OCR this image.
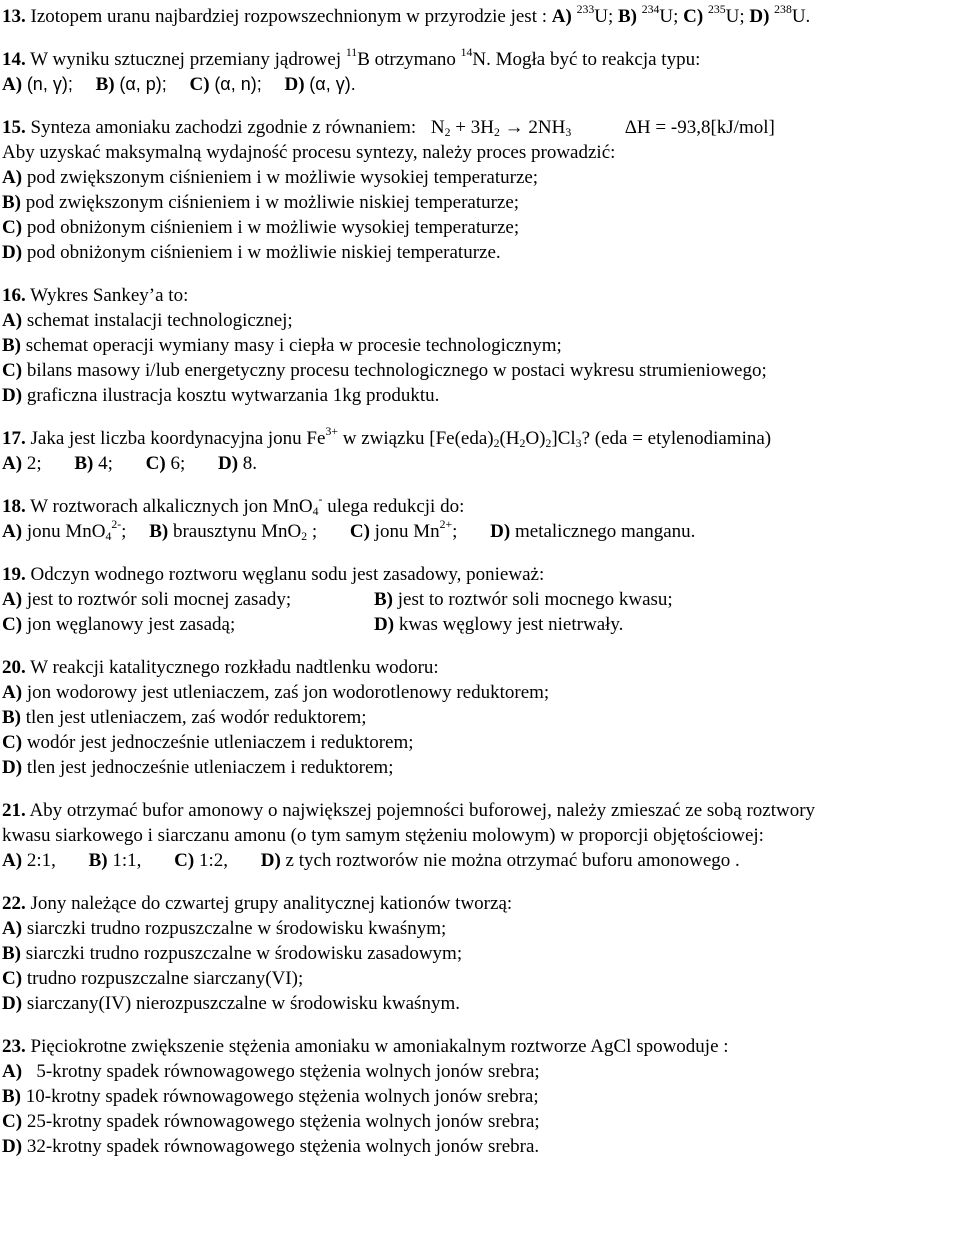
13. Izotopem uranu najbardziej rozpowszechnionym w przyrodzie jest : A) $^{233}$U; B) $^{234}$U; C) $^{235}$U; D) $^{238}$U.
14. W wyniku sztucznej przemiany jądrowej $^{11}$B otrzymano $^{14}$N. Mogła być to reakcja typu:
A) (n, γ); B) (α, p); C) (α, n); D) (α, γ).
15. Synteza amoniaku zachodzi zgodnie z równaniem: $N_2 + 3H_2 \to 2NH_3$	ΔH = -93,8[kJ/mol]
Aby uzyskać maksymalną wydajność procesu syntezy, należy proces prowadzić:
A) pod zwiększonym ciśnieniem i w możliwie wysokiej temperaturze;
B) pod zwiększonym ciśnieniem i w możliwie niskiej temperaturze;
C) pod obniżonym ciśnieniem i w możliwie wysokiej temperaturze;
D) pod obniżonym ciśnieniem i w możliwie niskiej temperaturze.
16. Wykres Sankey’a to:
A) schemat instalacji technologicznej;
B) schemat operacji wymiany masy i ciepła w procesie technologicznym;
C) bilans masowy i/lub energetyczny procesu technologicznego w postaci wykresu strumieniowego;
D) graficzna ilustracja kosztu wytwarzania 1kg produktu.
17. Jaka jest liczba koordynacyjna jonu $Fe^{3+}$ w związku $[Fe(eda)_2(H_2O)_2]Cl_3$? (eda = etylenodiamina)
A) 2; B) 4; C) 6; D) 8.
18. W roztworach alkalicznych jon MnO$_4$- ulega redukcji do:
A) jonu MnO$_4^{2-}$; B) brausztynu MnO$_2$ ; C) jonu $Mn^{2+}$; D) metalicznego manganu.
19. Odczyn wodnego roztworu węglanu sodu jest zasadowy, ponieważ:
A) jest to roztwór soli mocnej zasady;	B) jest to roztwór soli mocnego kwasu;
C) jon węglanowy jest zasadą;	D) kwas węglowy jest nietrwały.
20. W reakcji katalitycznego rozkładu nadtlenku wodoru:
A) jon wodorowy jest utleniaczem, zaś jon wodorotlenowy reduktorem;
B) tlen jest utleniaczem, zaś wodór reduktorem;
C) wodór jest jednocześnie utleniaczem i reduktorem;
D) tlen jest jednocześnie utleniaczem i reduktorem;
21. Aby otrzymać bufor amonowy o największej pojemności buforowej, należy zmieszać ze sobą roztwory
kwasu siarkowego i siarczanu amonu (o tym samym stężeniu molowym) w proporcji objętościowej:
A) 2:1, B) 1:1, C) 1:2, D) z tych roztworów nie można otrzymać buforu amonowego .
22. Jony należące do czwartej grupy analitycznej kationów tworzą:
A) siarczki trudno rozpuszczalne w środowisku kwaśnym;
B) siarczki trudno rozpuszczalne w środowisku zasadowym;
C) trudno rozpuszczalne siarczany(VI);
D) siarczany(IV) nierozpuszczalne w środowisku kwaśnym.
23. Pięciokrotne zwiększenie stężenia amoniaku w amoniakalnym roztworze AgCl spowoduje :
A) 5-krotny spadek równowagowego stężenia wolnych jonów srebra;
B) 10-krotny spadek równowagowego stężenia wolnych jonów srebra;
C) 25-krotny spadek równowagowego stężenia wolnych jonów srebra;
D) 32-krotny spadek równowagowego stężenia wolnych jonów srebra.
